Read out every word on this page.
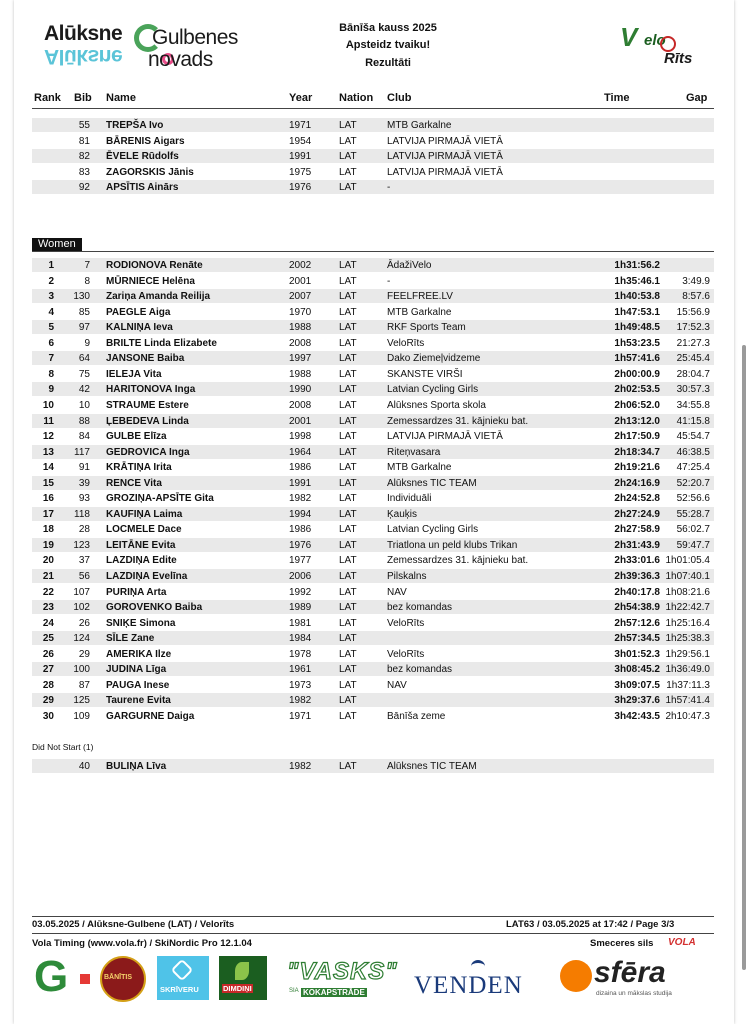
Alūksne
Alūksne
Gulbenes
novads
Bānīša kauss 2025
Apsteidz tvaiku!
Rezultāti
V elo
Rīts
Rank Bib Name	Year Nation Club	Time	Gap
55 TREPŠA Ivo	1971	LAT	MTB Garkalne
81 BĀRENIS Aigars	1954	LAT	LATVIJA PIRMAJĀ VIETĀ
82 ĒVELE Rūdolfs	1991	LAT	LATVIJA PIRMAJĀ VIETĀ
83 ZAGORSKIS Jānis	1975	LAT	LATVIJA PIRMAJĀ VIETĀ
92 APSĪTIS Ainārs	1976	LAT	-
Women
1	7 RODIONOVA Renāte	2002	LAT	ĀdažiVelo	1h31:56.2
2	8 MŪRNIECE Helēna	2001	LAT	-	1h35:46.1	3:49.9
3	130 Zariņa Amanda Reilija	2007	LAT	FEELFREE.LV	1h40:53.8	8:57.6
4	85 PAEGLE Aiga	1970	LAT	MTB Garkalne	1h47:53.1	15:56.9
5	97 KALNIŅA Ieva	1988	LAT	RKF Sports Team	1h49:48.5	17:52.3
6	9 BRILTE Linda Elizabete	2008	LAT	VeloRīts	1h53:23.5	21:27.3
7	64 JANSONE Baiba	1997	LAT	Dako Ziemeļvidzeme	1h57:41.6	25:45.4
8	75 IELEJA Vita	1988	LAT	SKANSTE VIRŠI	2h00:00.9	28:04.7
9	42 HARITONOVA Inga	1990	LAT	Latvian Cycling Girls	2h02:53.5	30:57.3
10	10 STRAUME Estere	2008	LAT	Alūksnes Sporta skola	2h06:52.0	34:55.8
11	88 ĻEBEDEVA Linda	2001	LAT	Zemessardzes 31. kājnieku bat.	2h13:12.0	41:15.8
12	84 GULBE Elīza	1998	LAT	LATVIJA PIRMAJĀ VIETĀ	2h17:50.9	45:54.7
13	117 GEDROVICA Inga	1964	LAT	Riteņvasara	2h18:34.7	46:38.5
14	91 KRĀTIŅA Irita	1986	LAT	MTB Garkalne	2h19:21.6	47:25.4
15	39 RENCE Vita	1991	LAT	Alūksnes TIC TEAM	2h24:16.9	52:20.7
16	93 GROZIŅA-APSĪTE Gita	1982	LAT	Individuāli	2h24:52.8	52:56.6
17	118 KAUFIŅA Laima	1994	LAT	Ķauķis	2h27:24.9	55:28.7
18	28 LOCMELE Dace	1986	LAT	Latvian Cycling Girls	2h27:58.9	56:02.7
19	123 LEITĀNE Evita	1976	LAT	Triatlona un peld klubs Trikan	2h31:43.9	59:47.7
20	37 LAZDIŅA Edite	1977	LAT	Zemessardzes 31. kājnieku bat.	2h33:01.6 1h01:05.4
21	56 LAZDIŅA Evelīna	2006	LAT	Pilskalns	2h39:36.3 1h07:40.1
22	107 PURIŅA Arta	1992	LAT	NAV	2h40:17.8 1h08:21.6
23	102 GOROVENKO Baiba	1989	LAT	bez komandas	2h54:38.9 1h22:42.7
24	26 SNIĶE Simona	1981	LAT	VeloRīts	2h57:12.6 1h25:16.4
25	124 SĪLE Zane	1984	LAT	2h57:34.5 1h25:38.3
26	29 AMERIKA Ilze	1978	LAT	VeloRīts	3h01:52.3 1h29:56.1
27	100 JUDINA Līga	1961	LAT	bez komandas	3h08:45.2 1h36:49.0
28	87 PAUGA Inese	1973	LAT	NAV	3h09:07.5 1h37:11.3
29	125 Taurene Evita	1982	LAT	3h29:37.6 1h57:41.4
30	109 GARGURNE Daiga	1971	LAT	Bānīša zeme	3h42:43.5 2h10:47.3
Did Not Start (1)
40 BULIŅA Līva	1982	LAT	Alūksnes TIC TEAM
03.05.2025 / Alūksne-Gulbene (LAT) / Velorīts	LAT63 / 03.05.2025 at 17:42 / Page 3/3
Vola Timing (www.vola.fr) / SkiNordic Pro 12.1.04	Smeceres sils VOLA
G	BĀNĪTIS
SKRĪVERU	DIMDIŅI
"VASKS"
SIA KOKAPSTRĀDE VENDEN sfēra
dizaina un mākslas studija
